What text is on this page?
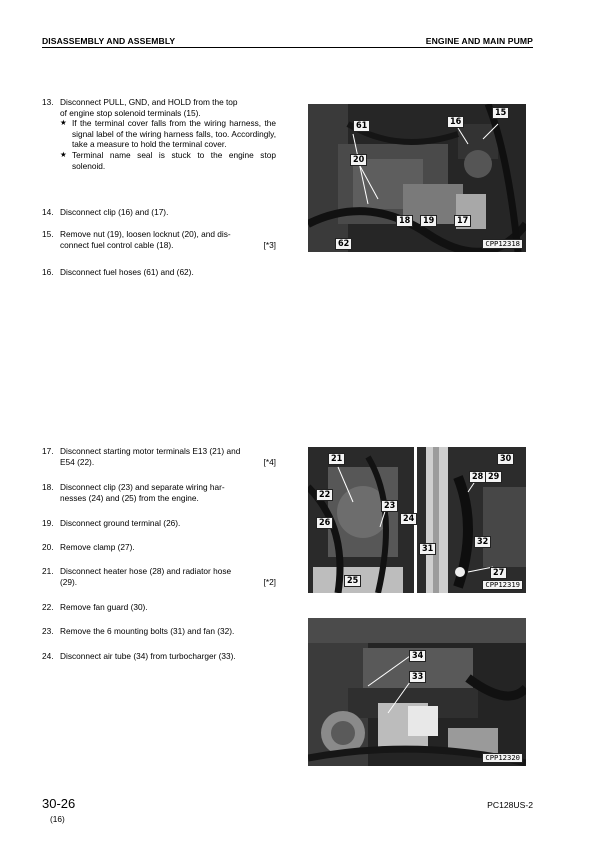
DISASSEMBLY AND ASSEMBLY	ENGINE AND MAIN PUMP
13. Disconnect PULL, GND, and HOLD from the top
of engine stop solenoid terminals (15).
★ If the terminal cover falls from the wiring harness, the signal label of the wiring harness falls, too. Accordingly, take a measure to hold the terminal cover.
★ Terminal name seal is stuck to the engine stop solenoid.
14. Disconnect clip (16) and (17).
15. Remove nut (19), loosen locknut (20), and dis-
connect fuel control cable (18).	[*3]
16. Disconnect fuel hoses (61) and (62).
17. Disconnect starting motor terminals E13 (21) and
E54 (22).	[*4]
18. Disconnect clip (23) and separate wiring har-
nesses (24) and (25) from the engine.
19. Disconnect ground terminal (26).
20. Remove clamp (27).
21. Disconnect heater hose (28) and radiator hose
(29).	[*2]
22. Remove fan guard (30).
23. Remove the 6 mounting bolts (31) and fan (32).
24. Disconnect air tube (34) from turbocharger (33).
61	16
15
20
18	19	17
62	CPP12318
21
22
26
23
24
25
30
28 29
31
32
27
CPP12319
34
33
CPP12320
30-26
(16)
PC128US-2
